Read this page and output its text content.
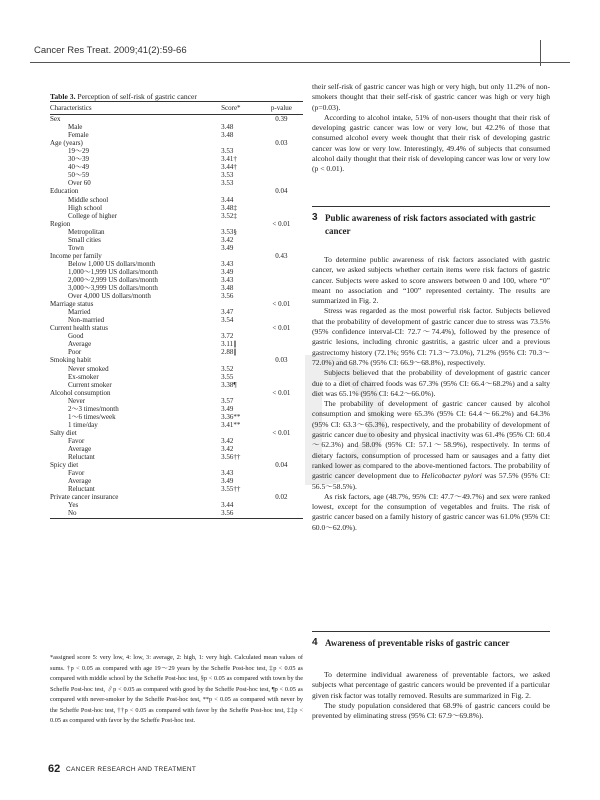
Cancer Res Treat. 2009;41(2):59-66
Table 3. Perception of self-risk of gastric cancer
Characteristics	Score*	p-value
Sex		0.39
Male	3.48	
Female	3.48	
Age (years)		0.03
19～29	3.53	
30～39	3.41†	
40～49	3.44†	
50～59	3.53	
Over 60	3.53	
Education		0.04
Middle school	3.44	
High school	3.48‡	
College of higher	3.52‡	
Region		< 0.01
Metropolitan	3.53§	
Small cities	3.42	
Town	3.49	
Income per family		0.43
Below 1,000 US dollars/month	3.43	
1,000～1,999 US dollars/month	3.49	
2,000～2,999 US dollars/month	3.43	
3,000～3,999 US dollars/month	3.48	
Over 4,000 US dollars/month	3.56	
Marriage status		< 0.01
Married	3.47	
Non-married	3.54	
Current health status		< 0.01
Good	3.72	
Average	3.11∥	
Poor	2.88∥	
Smoking habit		0.03
Never smoked	3.52	
Ex-smoker	3.55	
Current smoker	3.38¶	
Alcohol consumption		< 0.01
Never	3.57	
2～3 times/month	3.49	
1～6 times/week	3.36**	
1 time/day	3.41**	
Salty diet		< 0.01
Favor	3.42	
Average	3.42	
Reluctant	3.56††	
Spicy diet		0.04
Favor	3.43	
Average	3.49	
Reluctant	3.55††	
Private cancer insurance		0.02
Yes	3.44	
No	3.56	
*assigned score 5: very low, 4: low, 3: average, 2: high, 1: very high. Calculated mean values of sums. †p < 0.05 as compared with age 19～29 years by the Scheffe Post-hoc test, ‡p < 0.05 as compared with middle school by the Scheffe Post-hoc test, §p < 0.05 as compared with town by the Scheffe Post-hoc test, ∥p < 0.05 as compared with good by the Scheffe Post-hoc test, ¶p < 0.05 as compared with never-smoker by the Scheffe Post-hoc test, **p < 0.05 as compared with never by the Scheffe Post-hoc test, ††p < 0.05 as compared with favor by the Scheffe Post-hoc test, ‡‡p < 0.05 as compared with favor by the Scheffe Post-hoc test.

their self-risk of gastric cancer was high or very high, but only 11.2% of non-smokers thought that their self-risk of gastric cancer was high or very high (p=0.03).

According to alcohol intake, 51% of non-users thought that their risk of developing gastric cancer was low or very low, but 42.2% of those that consumed alcohol every week thought that their risk of developing gastric cancer was low or very low. Interestingly, 49.4% of subjects that consumed alcohol daily thought that their risk of developing cancer was low or very low (p < 0.01).

3 Public awareness of risk factors associated with gastric cancer

To determine public awareness of risk factors associated with gastric cancer, we asked subjects whether certain items were risk factors of gastric cancer. Subjects were asked to score answers between 0 and 100, where “0” meant no association and “100” represented certainty. The results are summarized in Fig. 2.

Stress was regarded as the most powerful risk factor. Subjects believed that the probability of development of gastric cancer due to stress was 73.5% (95% confidence interval-CI: 72.7～74.4%), followed by the presence of gastric lesions, including chronic gastritis, a gastric ulcer and a previous gastrectomy history (72.1%; 95% CI: 71.3～73.0%), 71.2% (95% CI: 70.3～72.0%) and 68.7% (95% CI: 66.9～68.8%), respectively.

Subjects believed that the probability of development of gastric cancer due to a diet of charred foods was 67.3% (95% CI: 66.4～68.2%) and a salty diet was 65.1% (95% CI: 64.2～66.0%).

The probability of development of gastric cancer caused by alcohol consumption and smoking were 65.3% (95% CI: 64.4～66.2%) and 64.3% (95% CI: 63.3～65.3%), respectively, and the probability of development of gastric cancer due to obesity and physical inactivity was 61.4% (95% CI: 60.4～62.3%) and 58.0% (95% CI: 57.1～58.9%), respectively. In terms of dietary factors, consumption of processed ham or sausages and a fatty diet ranked lower as compared to the above-mentioned factors. The probability of gastric cancer development due to Helicobacter pylori was 57.5% (95% CI: 56.5～58.5%).

As risk factors, age (48.7%, 95% CI: 47.7～49.7%) and sex were ranked lowest, except for the consumption of vegetables and fruits. The risk of gastric cancer based on a family history of gastric cancer was 61.0% (95% CI: 60.0～62.0%).

4 Awareness of preventable risks of gastric cancer

To determine individual awareness of preventable factors, we asked subjects what percentage of gastric cancers would be prevented if a particular given risk factor was totally removed. Results are summarized in Fig. 2.

The study population considered that 68.9% of gastric cancers could be prevented by eliminating stress (95% CI: 67.9～69.8%).

62 CANCER RESEARCH AND TREATMENT
